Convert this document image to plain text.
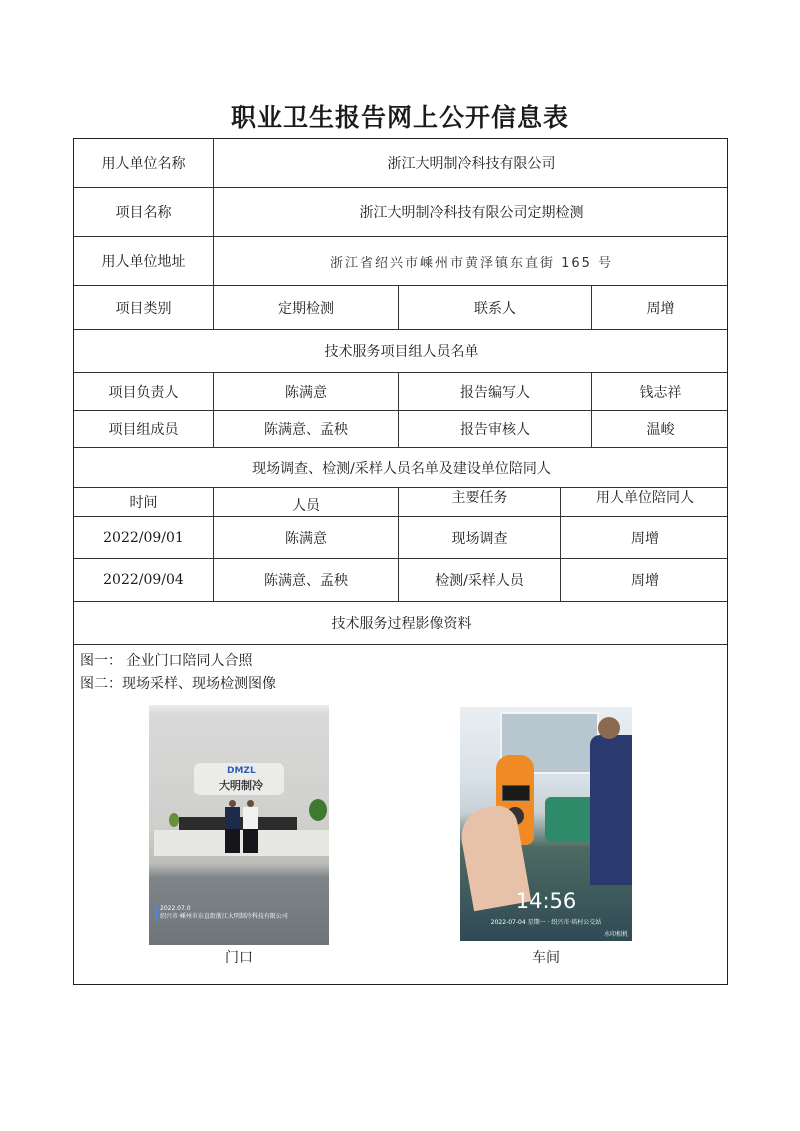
职业卫生报告网上公开信息表
用人单位名称	浙江大明制冷科技有限公司
项目名称	浙江大明制冷科技有限公司定期检测
用人单位地址	浙江省绍兴市嵊州市黄泽镇东直街 165 号
项目类别	定期检测	联系人	周增
技术服务项目组人员名单
项目负责人	陈满意	报告编写人	钱志祥
项目组成员	陈满意、孟秧	报告审核人	温峻
现场调查、检测/采样人员名单及建设单位陪同人
时间	人员	主要任务	用人单位陪同人
2022/09/01	陈满意	现场调查	周增
2022/09/04	陈满意、孟秧	检测/采样人员	周增
技术服务过程影像资料
图一： 企业门口陪同人合照
图二：现场采样、现场检测图像
DMZL
大明制冷
2022.07.0
绍兴市·嵊州市东直街浙江大明制冷科技有限公司
门口
14:56
2022-07-04 星期一 · 绍兴市·培村公交站
水印相机
车间
